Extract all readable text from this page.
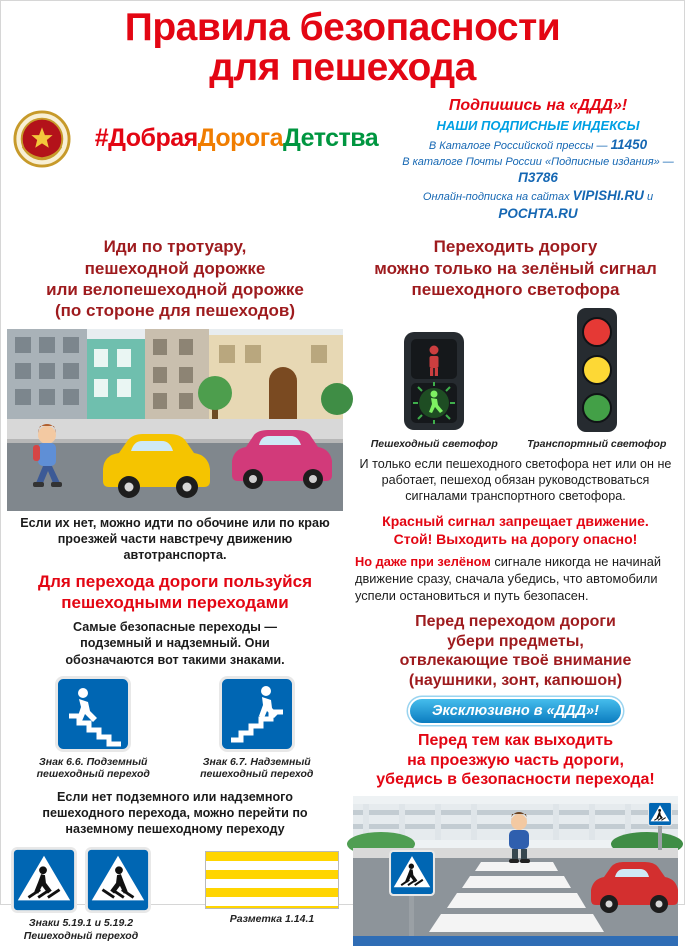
Правила безопасности
для пешехода
#ДобраяДорогаДетства
Подпишись на «ДДД»!
НАШИ ПОДПИСНЫЕ ИНДЕКСЫ
В Каталоге Российской прессы — 11450
В каталоге Почты России «Подписные издания» — П3786
Онлайн-подписка на сайтах VIPISHI.RU и POCHTA.RU
Иди по тротуару,
пешеходной дорожке
или велопешеходной дорожке
(по стороне для пешеходов)

Если их нет, можно идти по обочине или по краю проезжей части навстречу движению автотранспорта.

Для перехода дороги пользуйся
пешеходными переходами

Самые безопасные переходы — подземный и надземный. Они обозначаются вот такими знаками.

Знак 6.6. Подземный
пешеходный переход
Знак 6.7. Надземный
пешеходный переход

Если нет подземного или надземного пешеходного перехода, можно перейти по наземному пешеходному переходу

Знаки 5.19.1 и 5.19.2
Пешеходный переход
Разметка 1.14.1
Переходить дорогу
можно только на зелёный сигнал
пешеходного светофора
Пешеходный светофор	Транспортный светофор

И только если пешеходного светофора нет или он не работает, пешеход обязан руководствоваться сигналами транспортного светофора.

Красный сигнал запрещает движение.
Стой! Выходить на дорогу опасно!

Но даже при зелёном сигнале никогда не начинай движение сразу, сначала убедись, что автомобили успели остановиться и путь безопасен.

Перед переходом дороги
убери предметы,
отвлекающие твоё внимание
(наушники, зонт, капюшон)
Эксклюзивно в «ДДД»!
Перед тем как выходить
на проезжую часть дороги,
убедись в безопасности перехода!
